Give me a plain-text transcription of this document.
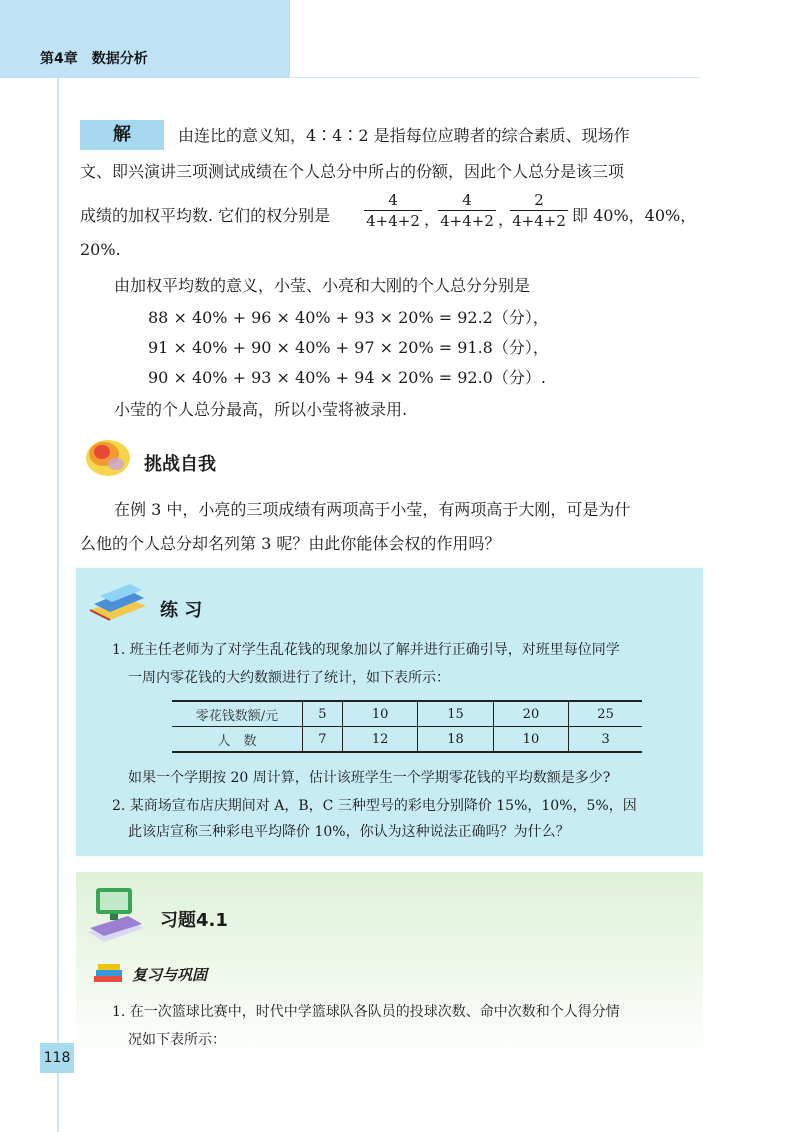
第4章　数据分析
解	由连比的意义知，4∶4∶2 是指每位应聘者的综合素质、现场作
文、即兴演讲三项测试成绩在个人总分中所占的份额，因此个人总分是该三项
成绩的加权平均数. 它们的权分别是 $\frac{4}{4+4+2}$ ，
$\frac{4}{4+4+2}$ ，
$\frac{2}{4+4+2}$ 即 40%，40%，
20%.
由加权平均数的意义，小莹、小亮和大刚的个人总分分别是
88 × 40% + 96 × 40% + 93 × 20% = 92.2（分），
91 × 40% + 90 × 40% + 97 × 20% = 91.8（分），
90 × 40% + 93 × 40% + 94 × 20% = 92.0（分）.
小莹的个人总分最高，所以小莹将被录用.
挑战自我
在例 3 中，小亮的三项成绩有两项高于小莹，有两项高于大刚，可是为什
么他的个人总分却名列第 3 呢？由此你能体会权的作用吗？
练 习
1. 班主任老师为了对学生乱花钱的现象加以了解并进行正确引导，对班里每位同学
一周内零花钱的大约数额进行了统计，如下表所示：
零花钱数额/元	5	10	15	20	25
人　数	7	12	18	10	3
如果一个学期按 20 周计算，估计该班学生一个学期零花钱的平均数额是多少?
2. 某商场宣布店庆期间对 A，B，C 三种型号的彩电分别降价 15%，10%，5%，因
此该店宣称三种彩电平均降价 10%，你认为这种说法正确吗？为什么？
习题4.1
复习与巩固
1. 在一次篮球比赛中，时代中学篮球队各队员的投球次数、命中次数和个人得分情
况如下表所示：
118
